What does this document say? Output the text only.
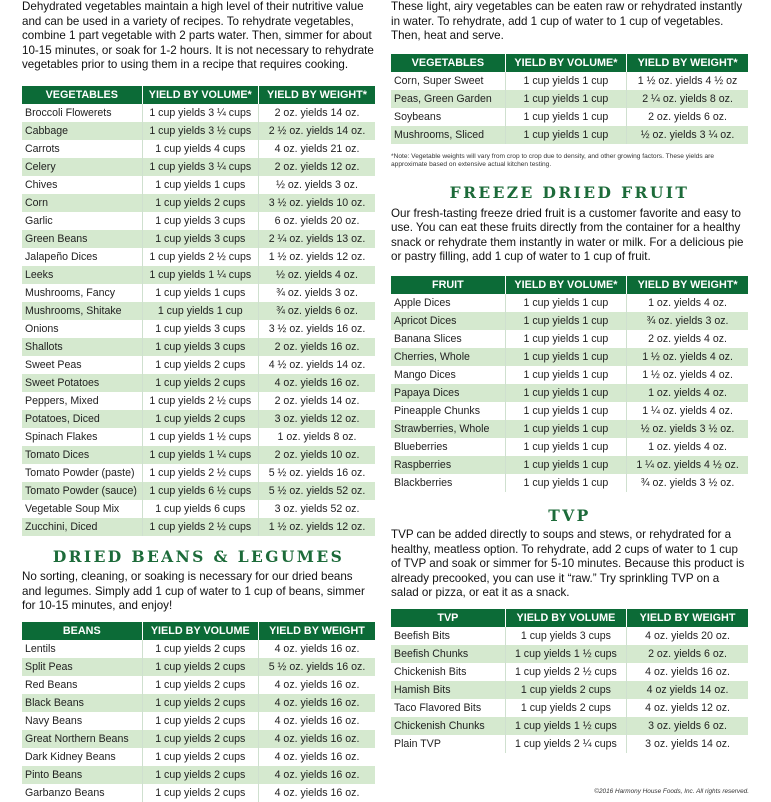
Dehydrated vegetables maintain a high level of their nutritive value and can be used in a variety of recipes. To rehydrate vegetables, combine 1 part vegetable with 2 parts water. Then, simmer for about 10-15 minutes, or soak for 1-2 hours. It is not necessary to rehydrate vegetables prior to using them in a recipe that requires cooking.

VEGETABLES	YIELD BY VOLUME*	YIELD BY WEIGHT*
Broccoli Flowerets	1 cup yields 3 ¼ cups	2 oz. yields 14 oz.
Cabbage	1 cup yields 3 ½ cups	2 ½ oz. yields 14 oz.
Carrots	1 cup yields 4 cups	4 oz. yields 21 oz.
Celery	1 cup yields 3 ¼ cups	2 oz. yields 12 oz.
Chives	1 cup yields 1 cups	½ oz. yields 3 oz.
Corn	1 cup yields 2 cups	3 ½ oz. yields 10 oz.
Garlic	1 cup yields 3 cups	6 oz. yields 20 oz.
Green Beans	1 cup yields 3 cups	2 ¼ oz. yields 13 oz.
Jalapeño Dices	1 cup yields 2 ½ cups	1 ½ oz. yields 12 oz.
Leeks	1 cup yields 1 ¼ cups	½ oz. yields 4 oz.
Mushrooms, Fancy	1 cup yields 1 cups	¾ oz. yields 3 oz.
Mushrooms, Shitake	1 cup yields 1 cup	¾ oz. yields 6 oz.
Onions	1 cup yields 3 cups	3 ½ oz. yields 16 oz.
Shallots	1 cup yields 3 cups	2 oz. yields 16 oz.
Sweet Peas	1 cup yields 2 cups	4 ½ oz. yields 14 oz.
Sweet Potatoes	1 cup yields 2 cups	4 oz. yields 16 oz.
Peppers, Mixed	1 cup yields 2 ½ cups	2 oz. yields 14 oz.
Potatoes, Diced	1 cup yields 2 cups	3 oz. yields 12 oz.
Spinach Flakes	1 cup yields 1 ½ cups	1 oz. yields 8 oz.
Tomato Dices	1 cup yields 1 ¼ cups	2 oz. yields 10 oz.
Tomato Powder (paste)	1 cup yields 2 ½ cups	5 ½ oz. yields 16 oz.
Tomato Powder (sauce)	1 cup yields 6 ½ cups	5 ½ oz. yields 52 oz.
Vegetable Soup Mix	1 cup yields 6 cups	3 oz. yields 52 oz.
Zucchini, Diced	1 cup yields 2 ½ cups	1 ½ oz. yields 12 oz.
DRIED BEANS & LEGUMES

No sorting, cleaning, or soaking is necessary for our dried beans and legumes. Simply add 1 cup of water to 1 cup of beans, simmer for 10-15 minutes, and enjoy!

BEANS	YIELD BY VOLUME	YIELD BY WEIGHT
Lentils	1 cup yields 2 cups	4 oz. yields 16 oz.
Split Peas	1 cup yields 2 cups	5 ½ oz. yields 16 oz.
Red Beans	1 cup yields 2 cups	4 oz. yields 16 oz.
Black Beans	1 cup yields 2 cups	4 oz. yields 16 oz.
Navy Beans	1 cup yields 2 cups	4 oz. yields 16 oz.
Great Northern Beans	1 cup yields 2 cups	4 oz. yields 16 oz.
Dark Kidney Beans	1 cup yields 2 cups	4 oz. yields 16 oz.
Pinto Beans	1 cup yields 2 cups	4 oz. yields 16 oz.
Garbanzo Beans	1 cup yields 2 cups	4 oz. yields 16 oz.

These light, airy vegetables can be eaten raw or rehydrated instantly in water. To rehydrate, add 1 cup of water to 1 cup of vegetables. Then, heat and serve.

VEGETABLES	YIELD BY VOLUME*	YIELD BY WEIGHT*
Corn, Super Sweet	1 cup yields 1 cup	1 ½ oz. yields 4 ½ oz
Peas, Green Garden	1 cup yields 1 cup	2 ¼ oz. yields 8 oz.
Soybeans	1 cup yields 1 cup	2 oz. yields 6 oz.
Mushrooms, Sliced	1 cup yields 1 cup	½ oz. yields 3 ¼ oz.
*Note: Vegetable weights will vary from crop to crop due to density, and other growing factors. These yields are approximate based on extensive actual kitchen testing.
FREEZE DRIED FRUIT

Our fresh-tasting freeze dried fruit is a customer favorite and easy to use. You can eat these fruits directly from the container for a healthy snack or rehydrate them instantly in water or milk. For a delicious pie or pastry filling, add 1 cup of water to 1 cup of fruit.

FRUIT	YIELD BY VOLUME*	YIELD BY WEIGHT*
Apple Dices	1 cup yields 1 cup	1 oz. yields 4 oz.
Apricot Dices	1 cup yields 1 cup	¾ oz. yields 3 oz.
Banana Slices	1 cup yields 1 cup	2 oz. yields 4 oz.
Cherries, Whole	1 cup yields 1 cup	1 ½ oz. yields 4 oz.
Mango Dices	1 cup yields 1 cup	1 ½ oz. yields 4 oz.
Papaya Dices	1 cup yields 1 cup	1 oz. yields 4 oz.
Pineapple Chunks	1 cup yields 1 cup	1 ¼ oz. yields 4 oz.
Strawberries, Whole	1 cup yields 1 cup	½ oz. yields 3 ½ oz.
Blueberries	1 cup yields 1 cup	1 oz. yields 4 oz.
Raspberries	1 cup yields 1 cup	1 ¼ oz. yields 4 ½ oz.
Blackberries	1 cup yields 1 cup	¾ oz. yields 3 ½ oz.
TVP

TVP can be added directly to soups and stews, or rehydrated for a healthy, meatless option. To rehydrate, add 2 cups of water to 1 cup of TVP and soak or simmer for 5-10 minutes. Because this product is already precooked, you can use it “raw.” Try sprinkling TVP on a salad or pizza, or eat it as a snack.

TVP	YIELD BY VOLUME	YIELD BY WEIGHT
Beefish Bits	1 cup yields 3 cups	4 oz. yields 20 oz.
Beefish Chunks	1 cup yields 1 ½ cups	2 oz. yields 6 oz.
Chickenish Bits	1 cup yields 2 ½ cups	4 oz. yields 16 oz.
Hamish Bits	1 cup yields 2 cups	4 oz yields 14 oz.
Taco Flavored Bits	1 cup yields 2 cups	4 oz. yields 12 oz.
Chickenish Chunks	1 cup yields 1 ½ cups	3 oz. yields 6 oz.
Plain TVP	1 cup yields 2 ¼ cups	3 oz. yields 14 oz.
©2016 Harmony House Foods, Inc. All rights reserved.
